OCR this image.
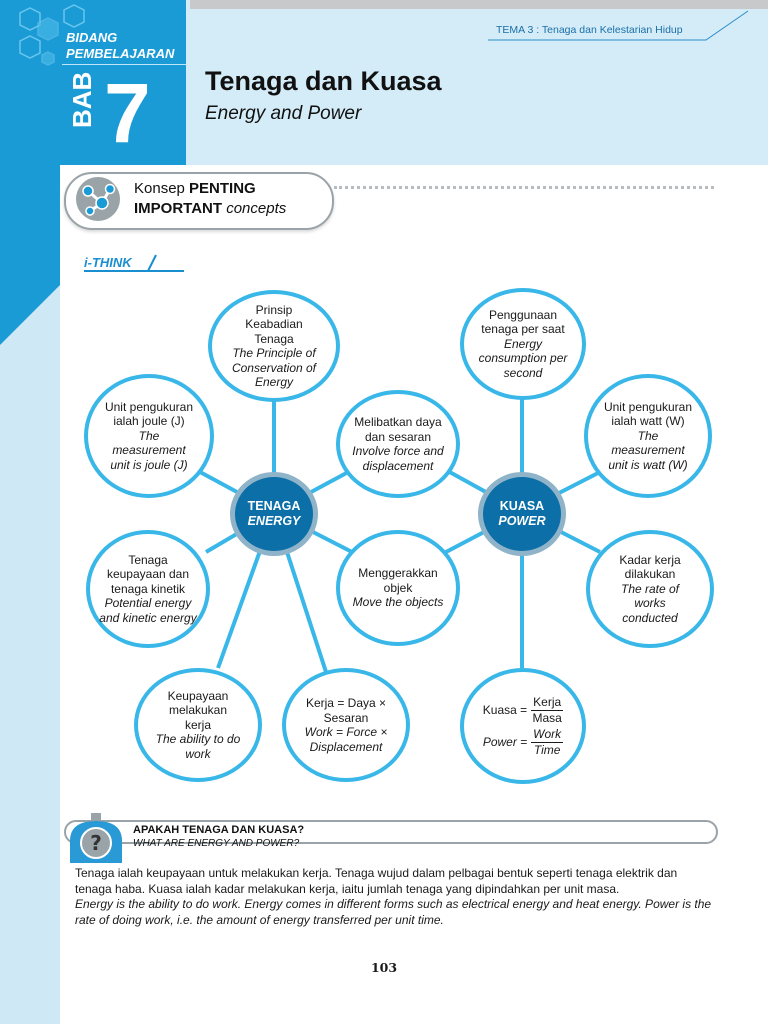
BIDANG
PEMBELAJARAN
BAB 7
TEMA 3 : Tenaga dan Kelestarian Hidup
Tenaga dan Kuasa
Energy and Power
Konsep PENTING
IMPORTANT concepts
i-THINK
Prinsip Keabadian Tenaga
The Principle of Conservation of Energy
Unit pengukuran ialah joule (J)
The measurement unit is joule (J)
Tenaga keupayaan dan tenaga kinetik
Potential energy and kinetic energy
Keupayaan melakukan kerja
The ability to do work
Kerja = Daya × Sesaran
Work = Force × Displacement
Melibatkan daya dan sesaran
Involve force and displacement
Menggerakkan objek
Move the objects
TENAGA
ENERGY
KUASA
POWER
Penggunaan tenaga per saat
Energy consumption per second
Unit pengukuran ialah watt (W)
The measurement unit is watt (W)
Kadar kerja dilakukan
The rate of works conducted
Kuasa = $\frac{\text{Kerja}}{\text{Masa}}$
Power = $\frac{\text{Work}}{\text{Time}}$
?
APAKAH TENAGA DAN KUASA?
WHAT ARE ENERGY AND POWER?
Tenaga ialah keupayaan untuk melakukan kerja. Tenaga wujud dalam pelbagai bentuk seperti tenaga elektrik dan tenaga haba. Kuasa ialah kadar melakukan kerja, iaitu jumlah tenaga yang dipindahkan per unit masa.
Energy is the ability to do work. Energy comes in different forms such as electrical energy and heat energy. Power is the rate of doing work, i.e. the amount of energy transferred per unit time.
103
